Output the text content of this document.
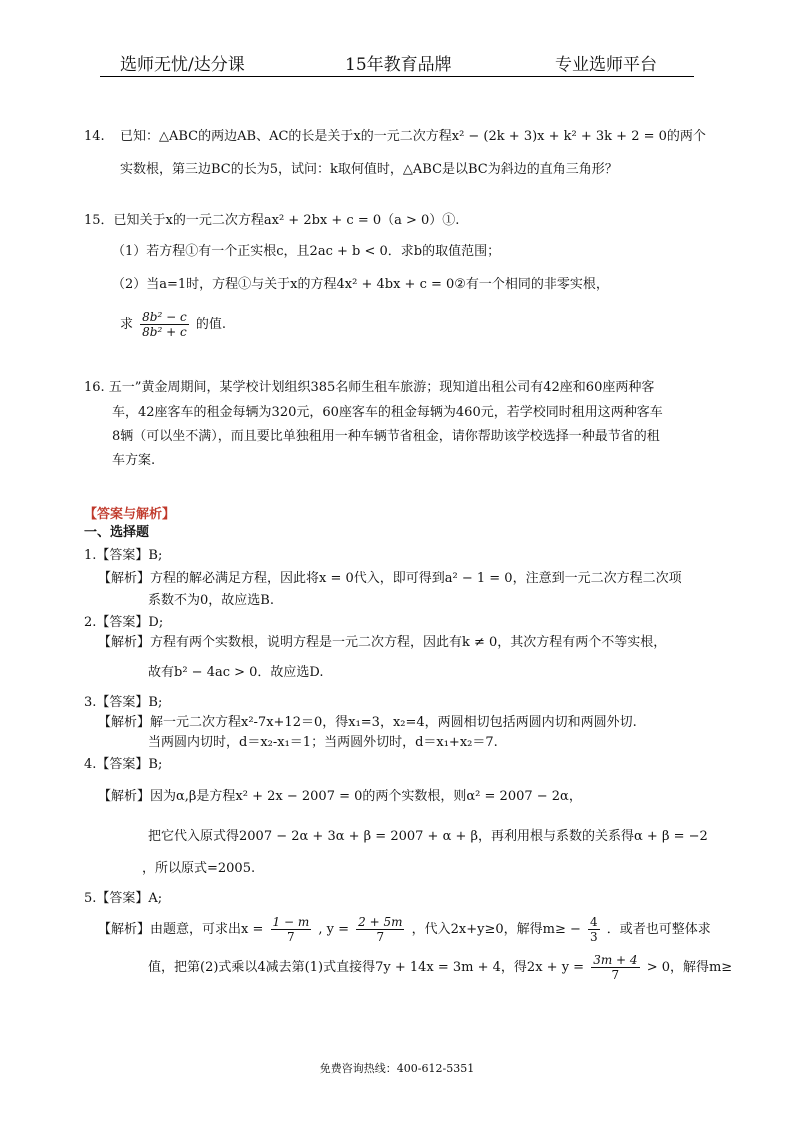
选师无忧/达分课	15年教育品牌	专业选师平台
14. 已知：△ABC的两边AB、AC的长是关于x的一元二次方程x² − (2k + 3)x + k² + 3k + 2 = 0的两个
实数根，第三边BC的长为5，试问：k取何值时，△ABC是以BC为斜边的直角三角形？
15．已知关于x的一元二次方程ax² + 2bx + c = 0（a > 0）①.
（1）若方程①有一个正实根c，且2ac + b < 0．求b的取值范围；
（2）当a=1时，方程①与关于x的方程4x² + 4bx + c = 0②有一个相同的非零实根，
求 $\frac{\text{8b² − c}}{\text{8b² + c}}$ 的值.
16. 五一”黄金周期间，某学校计划组织385名师生租车旅游；现知道出租公司有42座和60座两种客
车，42座客车的租金每辆为320元，60座客车的租金每辆为460元，若学校同时租用这两种客车
8辆（可以坐不满），而且要比单独租用一种车辆节省租金，请你帮助该学校选择一种最节省的租
车方案.
【答案与解析】
一、选择题
1.【答案】B;
【解析】方程的解必满足方程，因此将x = 0代入，即可得到a² − 1 = 0，注意到一元二次方程二次项
系数不为0，故应选B.
2.【答案】D;
【解析】方程有两个实数根，说明方程是一元二次方程，因此有k ≠ 0，其次方程有两个不等实根，
故有b² − 4ac > 0．故应选D.
3.【答案】B;
【解析】解一元二次方程x²-7x+12＝0，得x₁=3，x₂=4，两圆相切包括两圆内切和两圆外切.
当两圆内切时，d＝x₂-x₁＝1；当两圆外切时，d＝x₁+x₂＝7.
4.【答案】B;
【解析】因为α,β是方程x² + 2x − 2007 = 0的两个实数根，则α² = 2007 − 2α，
把它代入原式得2007 − 2α + 3α + β = 2007 + α + β，再利用根与系数的关系得α + β = −2
，所以原式=2005.
5.【答案】A;
【解析】由题意，可求出$x = \frac{1 - m}{7}$ , $y = \frac{2 + 5m}{7}$ ，代入2x+y≥0，解得$m\ge - \frac{4}{3}$ ．或者也可整体求
值，把第(2)式乘以4减去第(1)式直接得7y + 14x = 3m + 4，得$2x + y = \frac{3m + 4}{7} > 0$，解得m≥
免费咨询热线：400-612-5351
